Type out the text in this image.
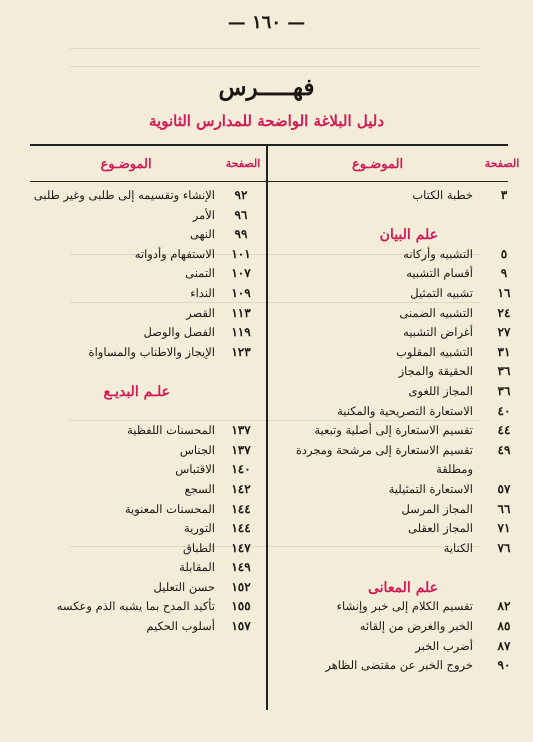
— ١٦٠ —
فهـــــرس
دليل البلاغة الواضحة للمدارس الثانوية
الصفحة
الموضـوع
الصفحة
الموضـوع
٣
خطبة الكتاب
علم البيان
٥
التشبيه وأركانه
٩
أقسام التشبيه
١٦
تشبيه التمثيل
٢٤
التشبيه الضمنى
٢٧
أغراض التشبيه
٣١
التشبيه المقلوب
٣٦
الحقيقة والمجاز
٣٦
المجاز اللغوى
٤٠
الاستعارة التصريحية والمكنية
٤٤
تقسيم الاستعارة إلى أصلية وتبعية
٤٩
تقسيم الاستعارة إلى مرشحة ومجردة
ومطلقة
٥٧
الاستعارة التمثيلية
٦٦
المجاز المرسل
٧١
المجاز العقلى
٧٦
الكناية
علم المعانى
٨٢
تقسيم الكلام إلى خبر وإنشاء
٨٥
الخبر والغرض من إلقائه
٨٧
أضرب الخبر
٩٠
خروج الخبر عن مقتضى الظاهر
٩٢
الإنشاء وتقسيمه إلى طلبى وغير طلبى
٩٦
الأمر
٩٩
النهى
١٠١
الاستفهام وأدواته
١٠٧
التمنى
١٠٩
النداء
١١٣
القصر
١١٩
الفصل والوصل
١٢٣
الإيجاز والاطناب والمساواة
علـم البديـع
١٣٧
المحسنات اللفظية
١٣٧
الجناس
١٤٠
الاقتباس
١٤٢
السجع
١٤٤
المحسنات المعنوية
١٤٤
التورية
١٤٧
الطباق
١٤٩
المقابلة
١٥٢
حسن التعليل
١٥٥
تأكيد المدح بما يشبه الذم وعكسه
١٥٧
أسلوب الحكيم
